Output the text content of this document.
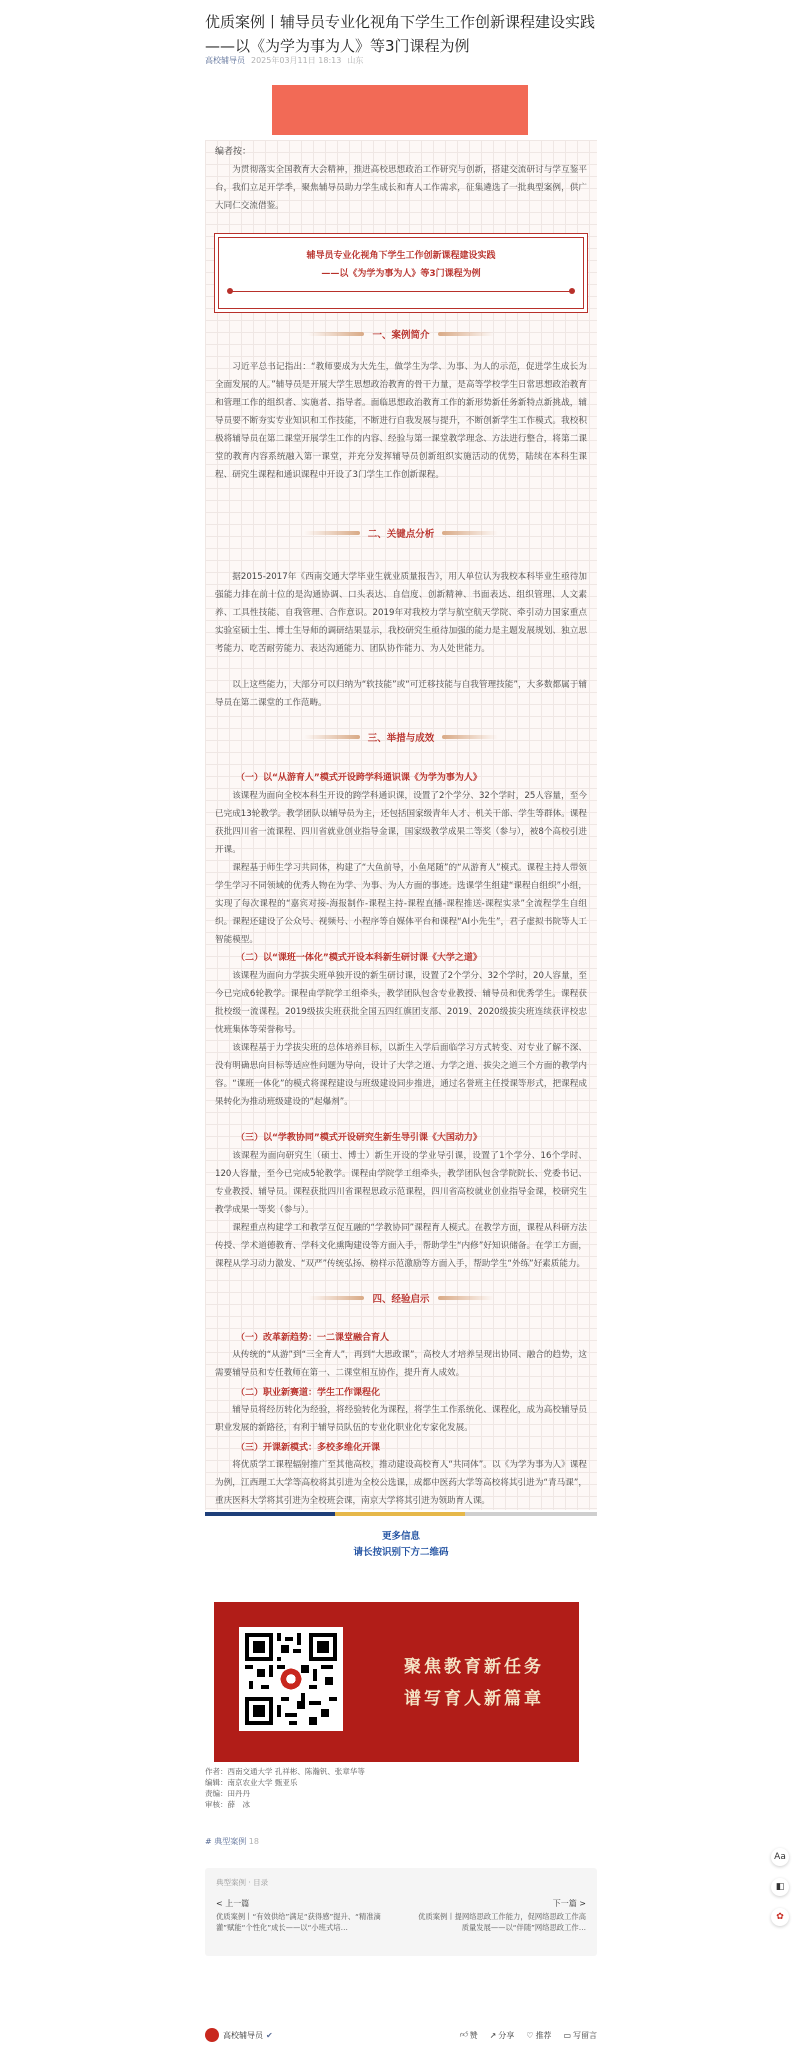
优质案例丨辅导员专业化视角下学生工作创新课程建设实践 ——以《为学为事为人》等3门课程为例
高校辅导员 2025年03月11日 18:13 山东
编者按：
为贯彻落实全国教育大会精神，推进高校思想政治工作研究与创新，搭建交流研讨与学互鉴平台，我们立足开学季，聚焦辅导员助力学生成长和育人工作需求，征集遴选了一批典型案例，供广大同仁交流借鉴。
辅导员专业化视角下学生工作创新课程建设实践
——以《为学为事为人》等3门课程为例
一、案例简介
习近平总书记指出：“教师要成为大先生，做学生为学、为事、为人的示范，促进学生成长为全面发展的人。”辅导员是开展大学生思想政治教育的骨干力量，是高等学校学生日常思想政治教育和管理工作的组织者、实施者、指导者。面临思想政治教育工作的新形势新任务新特点新挑战，辅导员要不断夯实专业知识和工作技能，不断进行自我发展与提升，不断创新学生工作模式。我校积极将辅导员在第二课堂开展学生工作的内容、经验与第一课堂教学理念、方法进行整合，将第二课堂的教育内容系统融入第一课堂，并充分发挥辅导员创新组织实施活动的优势，陆续在本科生课程、研究生课程和通识课程中开设了3门学生工作创新课程。
二、关键点分析
据2015-2017年《西南交通大学毕业生就业质量报告》，用人单位认为我校本科毕业生亟待加强能力排在前十位的是沟通协调、口头表达、自信度、创新精神、书面表达、组织管理、人文素养、工具性技能、自我管理、合作意识。2019年对我校力学与航空航天学院、牵引动力国家重点实验室硕士生、博士生导师的调研结果显示，我校研究生亟待加强的能力是主题发展规划、独立思考能力、吃苦耐劳能力、表达沟通能力、团队协作能力、为人处世能力。
以上这些能力，大部分可以归纳为“软技能”或“可迁移技能与自我管理技能”，大多数都属于辅导员在第二课堂的工作范畴。
三、举措与成效
（一）以“从游育人”模式开设跨学科通识课《为学为事为人》
该课程为面向全校本科生开设的跨学科通识课，设置了2个学分、32个学时，25人容量，至今已完成13轮教学。教学团队以辅导员为主，还包括国家级青年人才、机关干部、学生等群体。课程获批四川省一流课程、四川省就业创业指导金课，国家级教学成果二等奖（参与），被8个高校引进开课。
课程基于师生学习共同体，构建了“大鱼前导，小鱼尾随”的“从游育人”模式。课程主持人带领学生学习不同领域的优秀人物在为学、为事、为人方面的事迹。选课学生组建“课程自组织”小组，实现了每次课程的“嘉宾对接-海报制作-课程主持-课程直播-课程推送-课程实录”全流程学生自组织。课程还建设了公众号、视频号、小程序等自媒体平台和课程“AI小先生”，君子虚拟书院等人工智能模型。
（二）以“课班一体化”模式开设本科新生研讨课《大学之道》
该课程为面向力学拔尖班单独开设的新生研讨课，设置了2个学分、32个学时，20人容量，至今已完成6轮教学。课程由学院学工组牵头，教学团队包含专业教授、辅导员和优秀学生。课程获批校级一流课程。2019级拔尖班获批全国五四红旗团支部、2019、2020级拔尖班连续获评校忠忱班集体等荣誉称号。
该课程基于力学拔尖班的总体培养目标，以新生入学后面临学习方式转变、对专业了解不深、没有明确思向目标等适应性问题为导向，设计了大学之道、力学之道、拔尖之道三个方面的教学内容。“课班一体化”的模式将课程建设与班级建设同步推进，通过名誉班主任授课等形式，把课程成果转化为推动班级建设的“起爆剂”。
（三）以“学教协同”模式开设研究生新生导引课《大国动力》
该课程为面向研究生（硕士、博士）新生开设的学业导引课，设置了1个学分、16个学时、120人容量，至今已完成5轮教学。课程由学院学工组牵头，教学团队包含学院院长、党委书记、专业教授、辅导员。课程获批四川省课程思政示范课程，四川省高校就业创业指导金课，校研究生教学成果一等奖（参与）。
课程重点构建学工和教学互促互融的“学教协同”课程育人模式。在教学方面，课程从科研方法传授、学术道德教育、学科文化熏陶建设等方面入手，帮助学生“内修”好知识储备。在学工方面，课程从学习动力激发、“双严”传统弘扬、榜样示范激励等方面入手，帮助学生“外练”好素质能力。
四、经验启示
（一）改革新趋势：一二课堂融合育人
从传统的“从游”到“三全育人”，再到“大思政课”，高校人才培养呈现出协同、融合的趋势，这需要辅导员和专任教师在第一、二课堂相互协作，提升育人成效。
（二）职业新赛道：学生工作课程化
辅导员将经历转化为经验，将经验转化为课程，将学生工作系统化、课程化，成为高校辅导员职业发展的新路径，有利于辅导员队伍的专业化职业化专家化发展。
（三）开课新模式：多校多维化开课
将优质学工课程辐射推广至其他高校，推动建设高校育人“共同体”。以《为学为事为人》课程为例，江西理工大学等高校将其引进为全校公选课，成都中医药大学等高校将其引进为“青马课”，重庆医科大学将其引进为全校班会课，南京大学将其引进为领助育人课。
更多信息
请长按识别下方二维码
聚焦教育新任务
谱写育人新篇章
作者：西南交通大学 孔祥彬、陈瀚钒、张章华等
编辑：南京农业大学 甄亚乐
责编：田丹丹
审核：薛　冰
# 典型案例 18
典型案例 · 目录
< 上一篇
优质案例丨“有效供给”满足“获得感”提升、“精准滴灌”赋能“个性化”成长——以“小班式培…
下一篇 >
优质案例丨提网络思政工作能力，促网络思政工作高质量发展——以“伴随”网络思政工作…
Aa
◧
✿
高校辅导员 ✔	👍︎ 赞 ↗ 分享 ♡ 推荐 ▭ 写留言
